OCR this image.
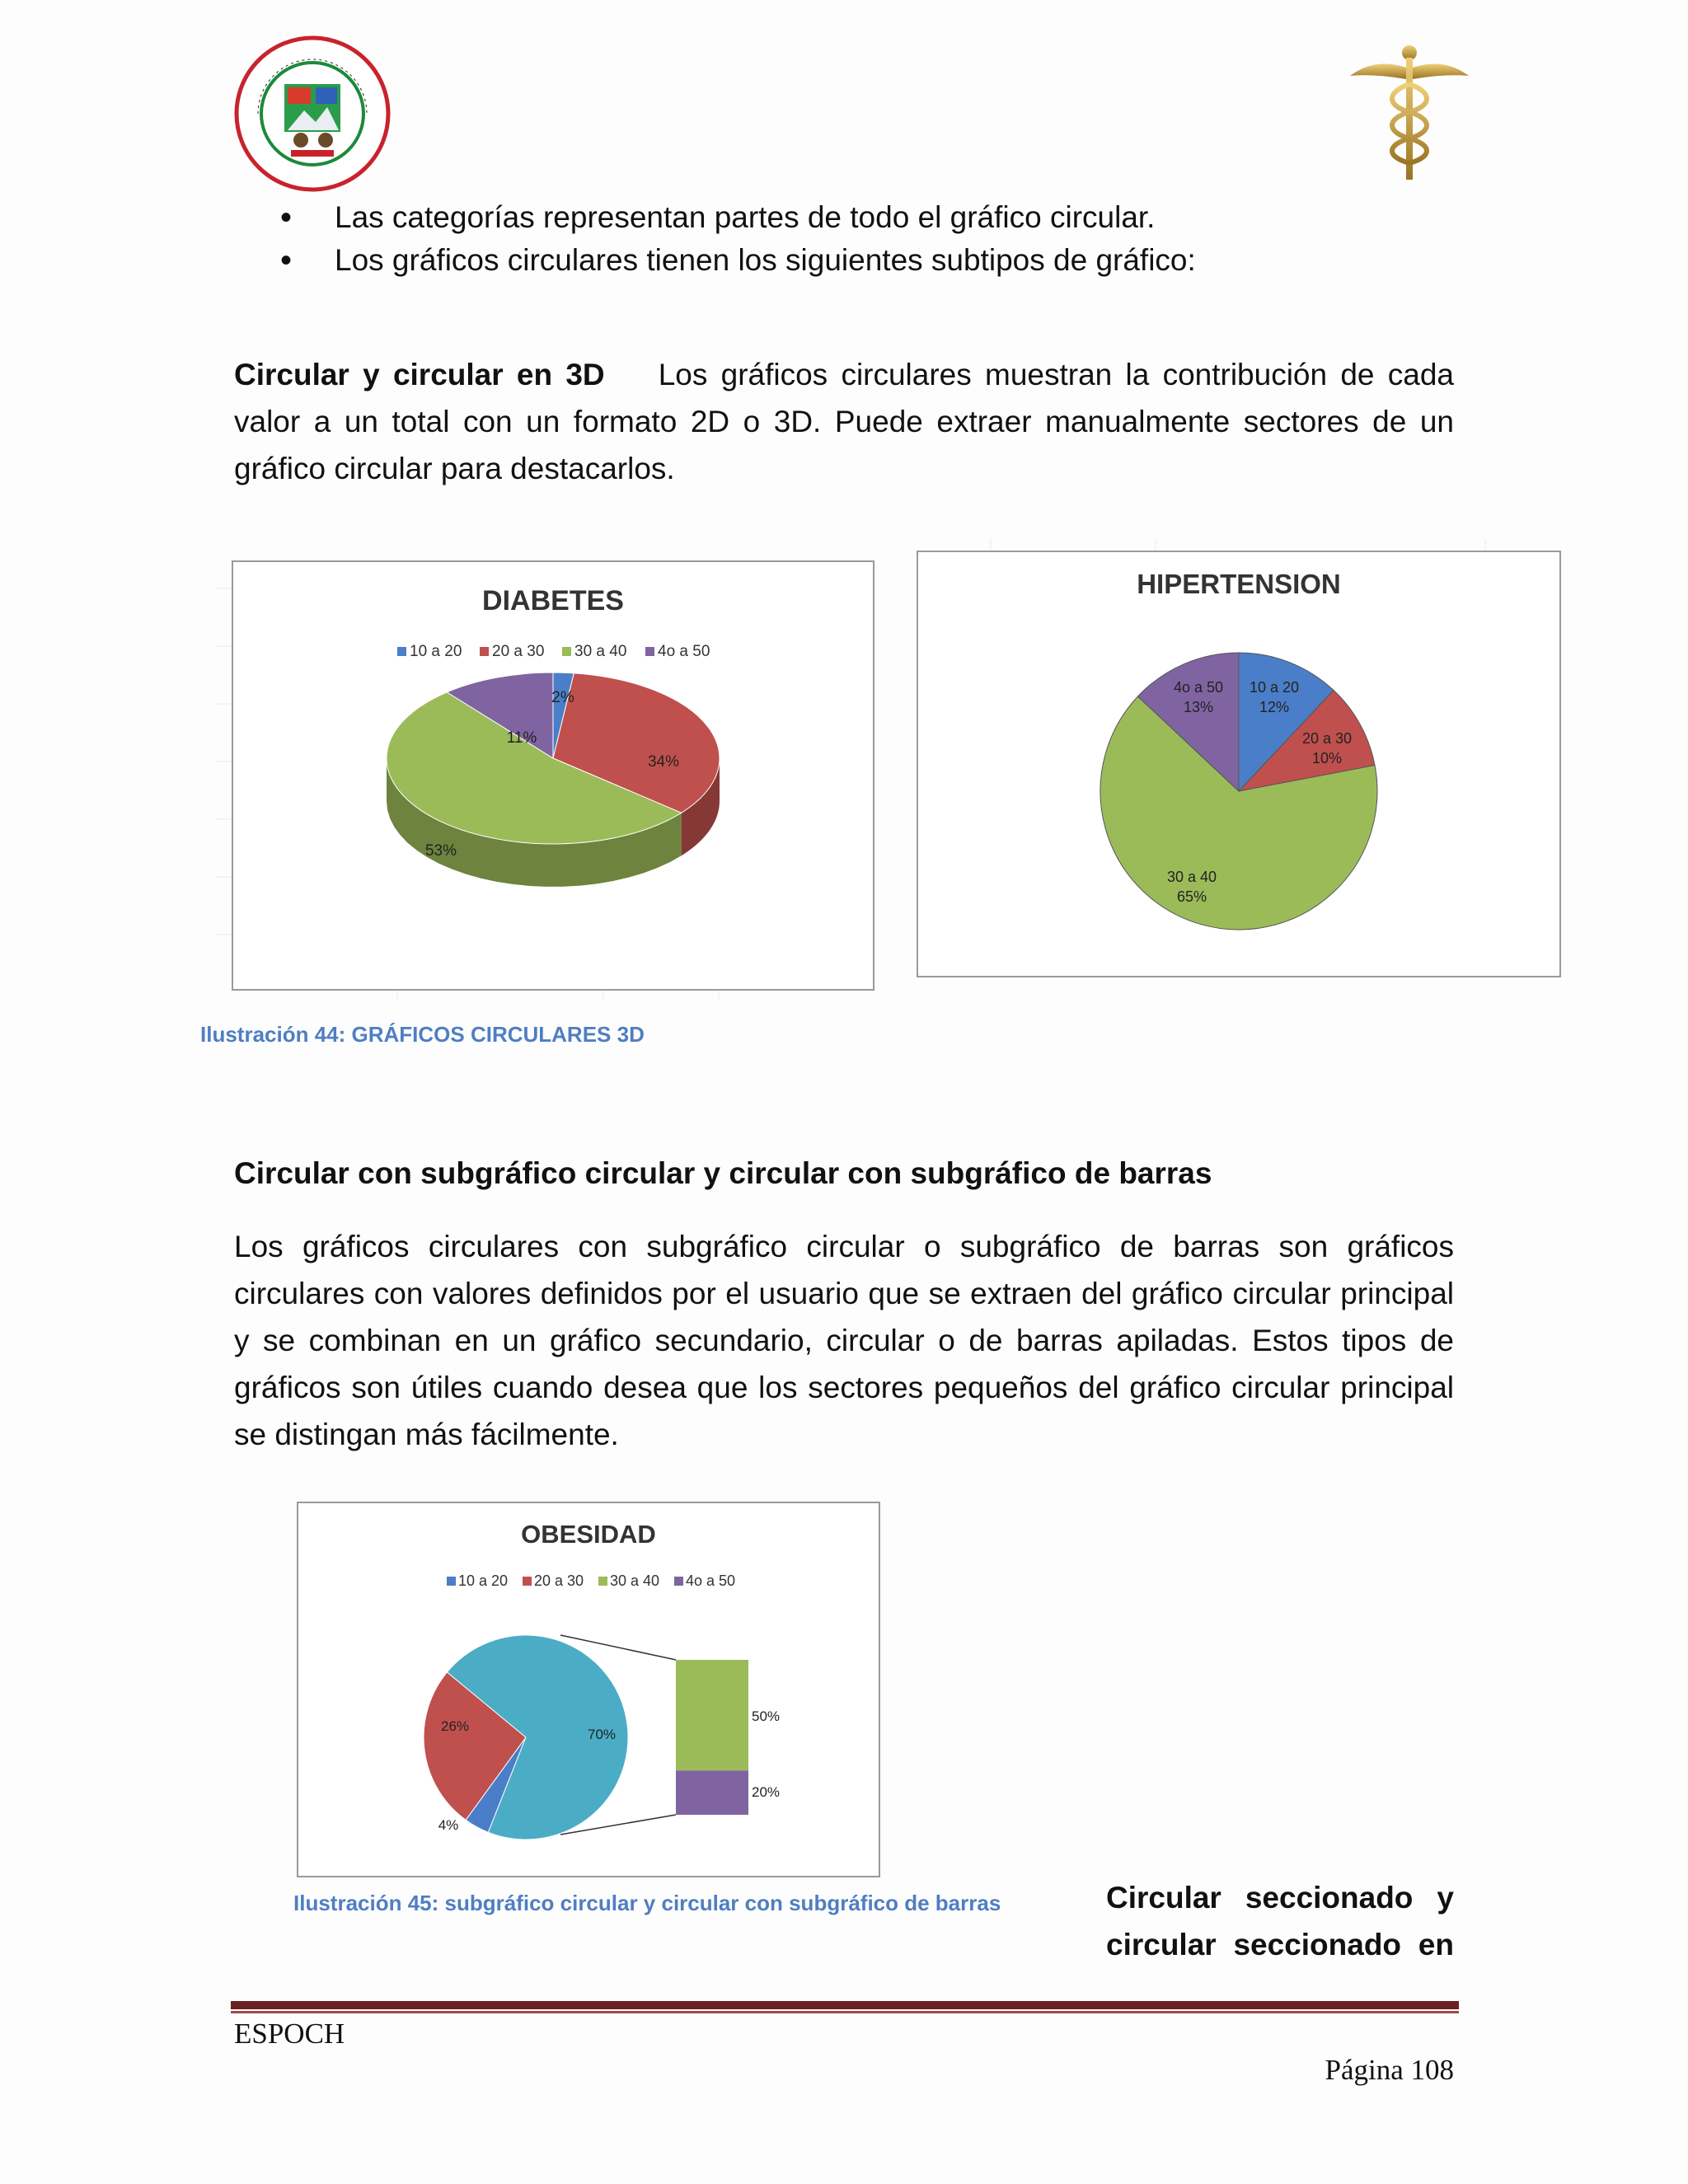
• Las categorías representan partes de todo el gráfico circular.
• Los gráficos circulares tienen los siguientes subtipos de gráfico:
Circular y circular en 3D Los gráficos circulares muestran la contribución de cada valor a un total con un formato 2D o 3D. Puede extraer manualmente sectores de un gráfico circular para destacarlos.
DIABETES
10 a 20 20 a 30 30 a 40 4o a 50
2%
34%
53%
11%
HIPERTENSION
10 a 20
12%
20 a 30
10%
30 a 40
65%
4o a 50
13%
Ilustración 44: GRÁFICOS CIRCULARES 3D
Circular con subgráfico circular y circular con subgráfico de barras
Los gráficos circulares con subgráfico circular o subgráfico de barras son gráficos circulares con valores definidos por el usuario que se extraen del gráfico circular principal y se combinan en un gráfico secundario, circular o de barras apiladas. Estos tipos de gráficos son útiles cuando desea que los sectores pequeños del gráfico circular principal se distingan más fácilmente.
OBESIDAD
10 a 20 20 a 30 30 a 40 4o a 50
4%
26%
70%
50%
20%
Ilustración 45: subgráfico circular y circular con subgráfico de barras	Circular seccionado y
circular seccionado en
ESPOCH
Página 108
